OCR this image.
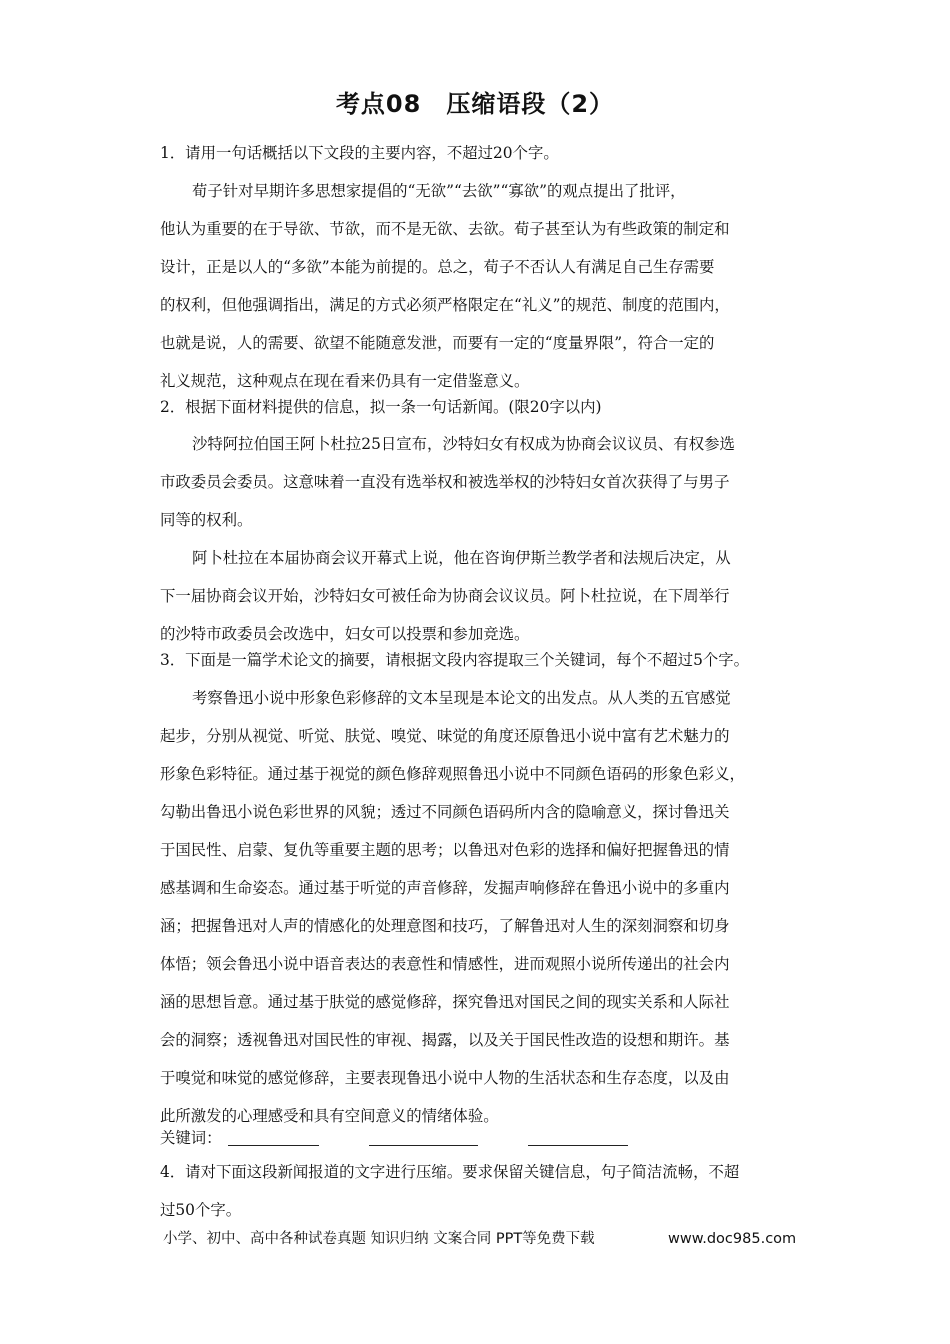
考点08　压缩语段（2）
1．请用一句话概括以下文段的主要内容，不超过20个字。
荀子针对早期许多思想家提倡的“无欲”“去欲”“寡欲”的观点提出了批评，
他认为重要的在于导欲、节欲，而不是无欲、去欲。荀子甚至认为有些政策的制定和
设计，正是以人的“多欲”本能为前提的。总之，荀子不否认人有满足自己生存需要
的权利，但他强调指出，满足的方式必须严格限定在“礼义”的规范、制度的范围内，
也就是说，人的需要、欲望不能随意发泄，而要有一定的“度量界限”，符合一定的
礼义规范，这种观点在现在看来仍具有一定借鉴意义。
2．根据下面材料提供的信息，拟一条一句话新闻。(限20字以内)
沙特阿拉伯国王阿卜杜拉25日宣布，沙特妇女有权成为协商会议议员、有权参选
市政委员会委员。这意味着一直没有选举权和被选举权的沙特妇女首次获得了与男子
同等的权利。
阿卜杜拉在本届协商会议开幕式上说，他在咨询伊斯兰教学者和法规后决定，从
下一届协商会议开始，沙特妇女可被任命为协商会议议员。阿卜杜拉说，在下周举行
的沙特市政委员会改选中，妇女可以投票和参加竞选。
3．下面是一篇学术论文的摘要，请根据文段内容提取三个关键词，每个不超过5个字。
考察鲁迅小说中形象色彩修辞的文本呈现是本论文的出发点。从人类的五官感觉
起步，分别从视觉、听觉、肤觉、嗅觉、味觉的角度还原鲁迅小说中富有艺术魅力的
形象色彩特征。通过基于视觉的颜色修辞观照鲁迅小说中不同颜色语码的形象色彩义，
勾勒出鲁迅小说色彩世界的风貌；透过不同颜色语码所内含的隐喻意义，探讨鲁迅关
于国民性、启蒙、复仇等重要主题的思考；以鲁迅对色彩的选择和偏好把握鲁迅的情
感基调和生命姿态。通过基于听觉的声音修辞，发掘声响修辞在鲁迅小说中的多重内
涵；把握鲁迅对人声的情感化的处理意图和技巧，了解鲁迅对人生的深刻洞察和切身
体悟；领会鲁迅小说中语音表达的表意性和情感性，进而观照小说所传递出的社会内
涵的思想旨意。通过基于肤觉的感觉修辞，探究鲁迅对国民之间的现实关系和人际社
会的洞察；透视鲁迅对国民性的审视、揭露，以及关于国民性改造的设想和期许。基
于嗅觉和味觉的感觉修辞，主要表现鲁迅小说中人物的生活状态和生存态度，以及由
此所激发的心理感受和具有空间意义的情绪体验。
关键词：
4．请对下面这段新闻报道的文字进行压缩。要求保留关键信息，句子简洁流畅，不超
过50个字。
小学、初中、高中各种试卷真题 知识归纳 文案合同 PPT等免费下载	www.doc985.com
